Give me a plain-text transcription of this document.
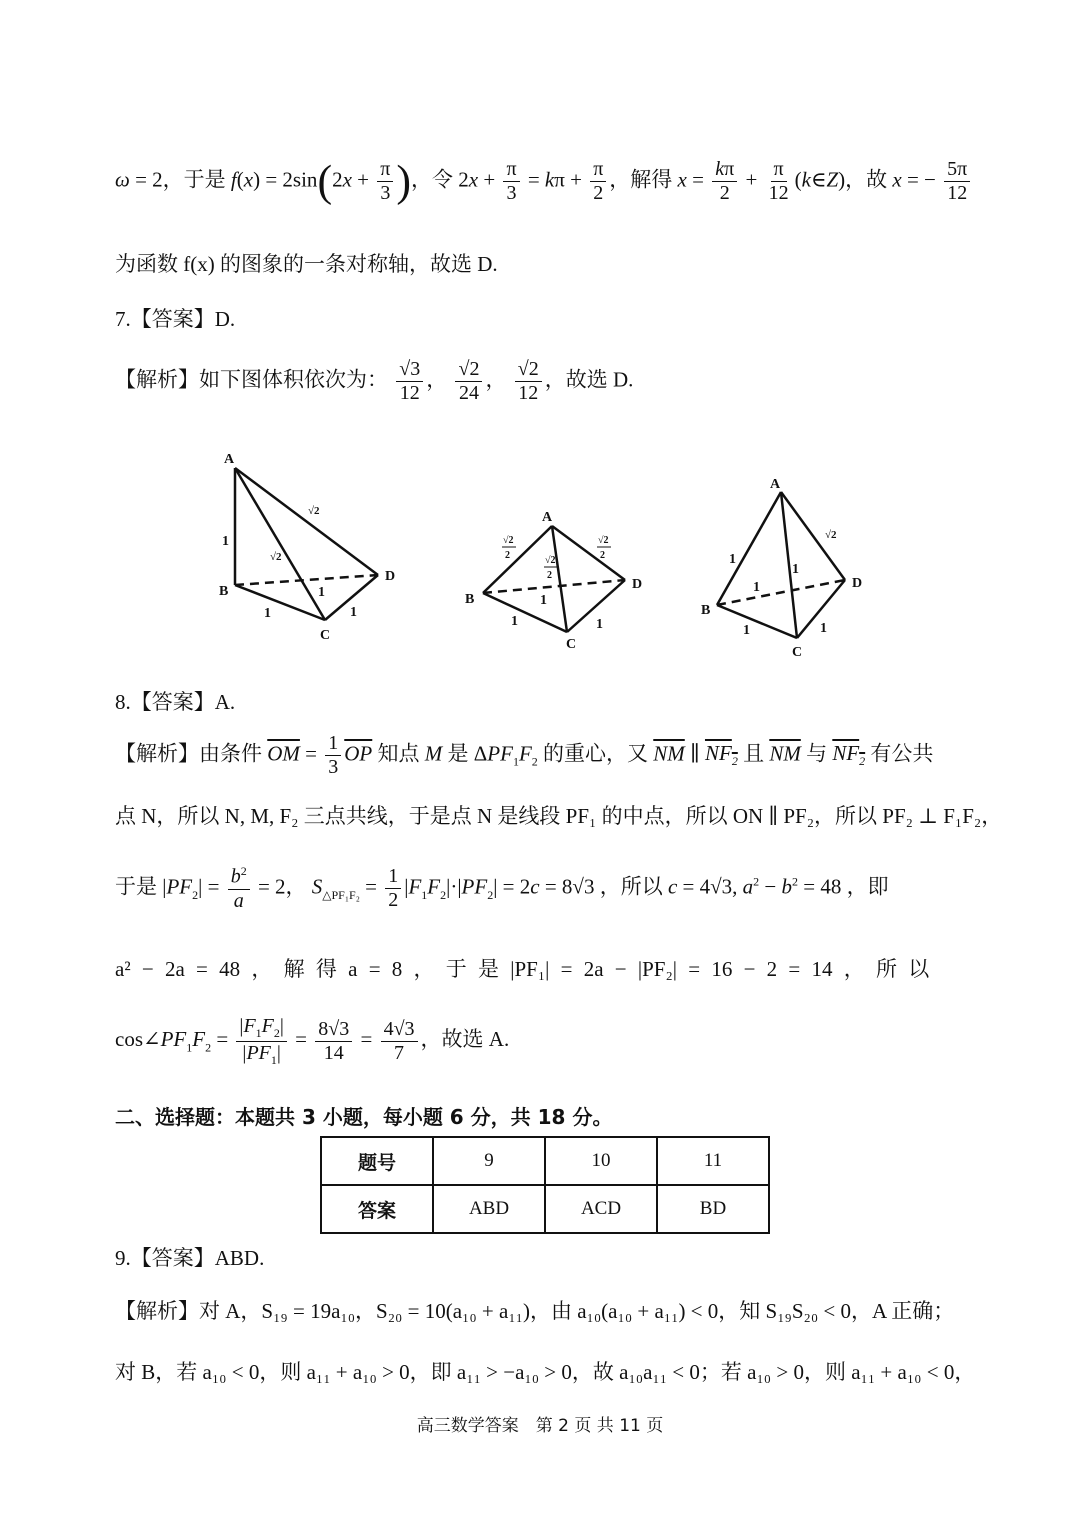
ω = 2，于是 $f(x) = 2\sin(2x + \frac{\pi}{3}$ )，令 $2x + \frac{\pi}{3} = k\pi + \frac{\pi}{2}$ ，解得 $x = \frac{k\pi}{2} + \frac{\pi}{12}$ (k∈Z)，故 x = − $\frac{5\pi}{12}$
为函数 f(x) 的图象的一条对称轴，故选 D.
7.【答案】D.
【解析】如下图体积依次为： $\frac{√3}{12}$ ， $\frac{√2}{24}$ ， $\frac{√2}{12}$ ，故选 D.
A
B
C
D
1
√2
√2
1
1	1
A
B
C
D
√2
2
√2
2
√2
2
1
1	1
A
B
C
D
1
√2
1
1
1	1
8.【答案】A.
【解析】由条件 $\overline{OM} = \frac{1}{3} \overline{OP}$ 知点 M 是 $\Delta PF_1F_2$ 的重心，又 $\overline{NM}$ ∥ $NF_2$ 且 $\overline{NM}$ 与 $NF_2$ 有公共
点 N，所以 N, M, F₂ 三点共线，于是点 N 是线段 PF₁ 的中点，所以 ON ∥ PF₂，所以 PF₂ ⊥ F₁F₂，
于是 $|PF_2| = \frac{b^2}{a} = 2$， $S_{\triangle PF_1F_2} = \frac{1}{2} |F_1F_2|\cdot|PF_2| = 2c = 8√3$ ，所以 c = 4√3, $a^2 - b^2 = 48$ ，即
a² − 2a = 48 ， 解 得 a = 8 ， 于 是 |PF₁| = 2a − |PF₂| = 16 − 2 = 14 ， 所 以
$\cos\angle PF_1F_2 = \frac{|F_1F_2|}{|PF_1|} = \frac{8√3}{14} = \frac{4√3}{7}$ ，故选 A.
二、选择题：本题共 3 小题，每小题 6 分，共 18 分。
题号	9	10	11
答案	ABD	ACD	BD
9.【答案】ABD.
【解析】对 A，S₁₉ = 19a₁₀，S₂₀ = 10(a₁₀ + a₁₁)，由 a₁₀(a₁₀ + a₁₁) < 0，知 S₁₉S₂₀ < 0，A 正确；
对 B，若 a₁₀ < 0，则 a₁₁ + a₁₀ > 0，即 a₁₁ > −a₁₀ > 0，故 a₁₀a₁₁ < 0；若 a₁₀ > 0，则 a₁₁ + a₁₀ < 0，
高三数学答案　第 2 页 共 11 页
